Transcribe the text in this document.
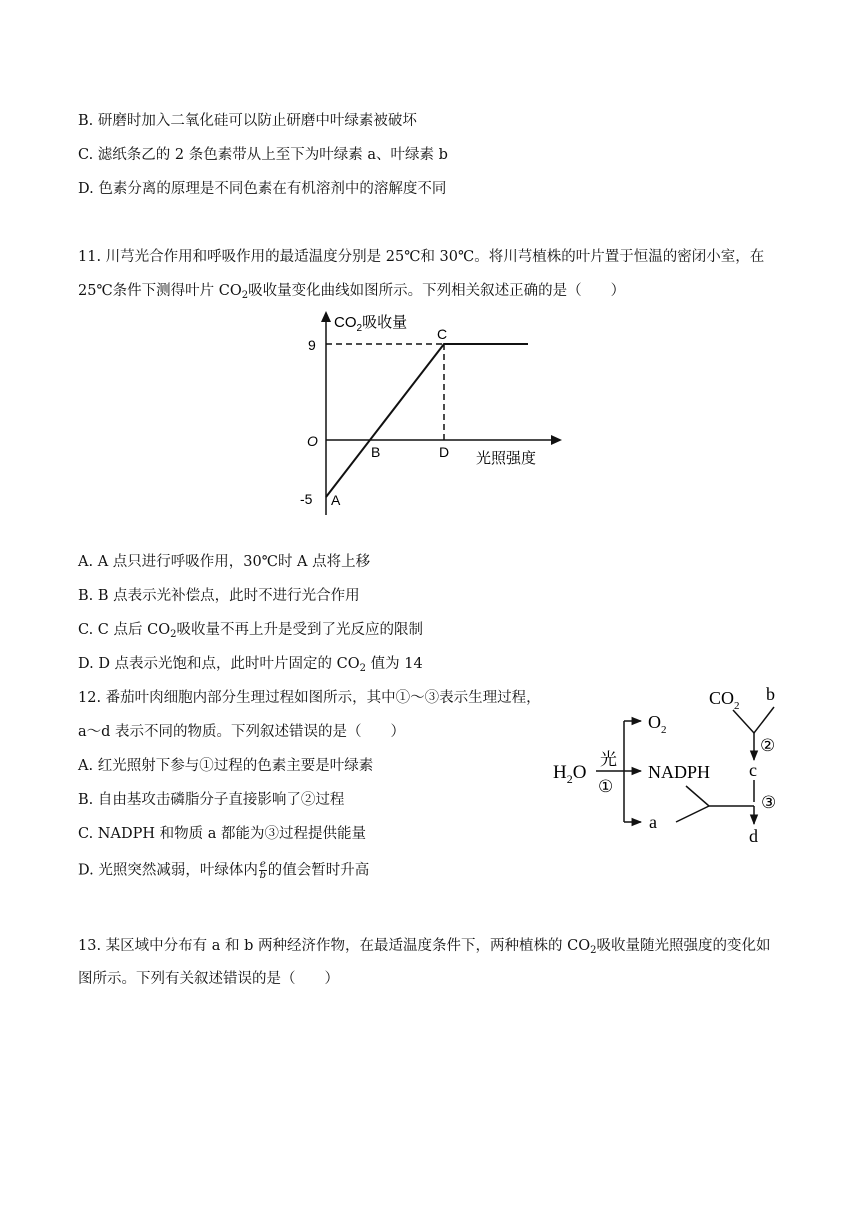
B. 研磨时加入二氧化硅可以防止研磨中叶绿素被破坏
C. 滤纸条乙的 2 条色素带从上至下为叶绿素 a、叶绿素 b
D. 色素分离的原理是不同色素在有机溶剂中的溶解度不同
11. 川芎光合作用和呼吸作用的最适温度分别是 25℃和 30℃。将川芎植株的叶片置于恒温的密闭小室，在
25℃条件下测得叶片 $CO_2$吸收量变化曲线如图所示。下列相关叙述正确的是（　　）
$CO_2$吸收量
9
O
-5 A
B
C
D 光照强度
A. A 点只进行呼吸作用，30℃时 A 点将上移
B. B 点表示光补偿点，此时不进行光合作用
C. C 点后 $CO_2$吸收量不再上升是受到了光反应的限制
D. D 点表示光饱和点，此时叶片固定的 $CO_2$ 值为 14
12. 番茄叶肉细胞内部分生理过程如图所示，其中①～③表示生理过程，
a～d 表示不同的物质。下列叙述错误的是（　　）
A. 红光照射下参与①过程的色素主要是叶绿素
B. 自由基攻击磷脂分子直接影响了②过程
C. NADPH 和物质 a 都能为③过程提供能量
D. 光照突然减弱，叶绿体内 $\frac{e}{b}$ 的值会暂时升高
$H_2O$
光
①
$O_2$
NADPH
a
$CO_2$
b
②
c
③
d
13. 某区域中分布有 a 和 b 两种经济作物，在最适温度条件下，两种植株的 $CO_2$吸收量随光照强度的变化如
图所示。下列有关叙述错误的是（　　）
